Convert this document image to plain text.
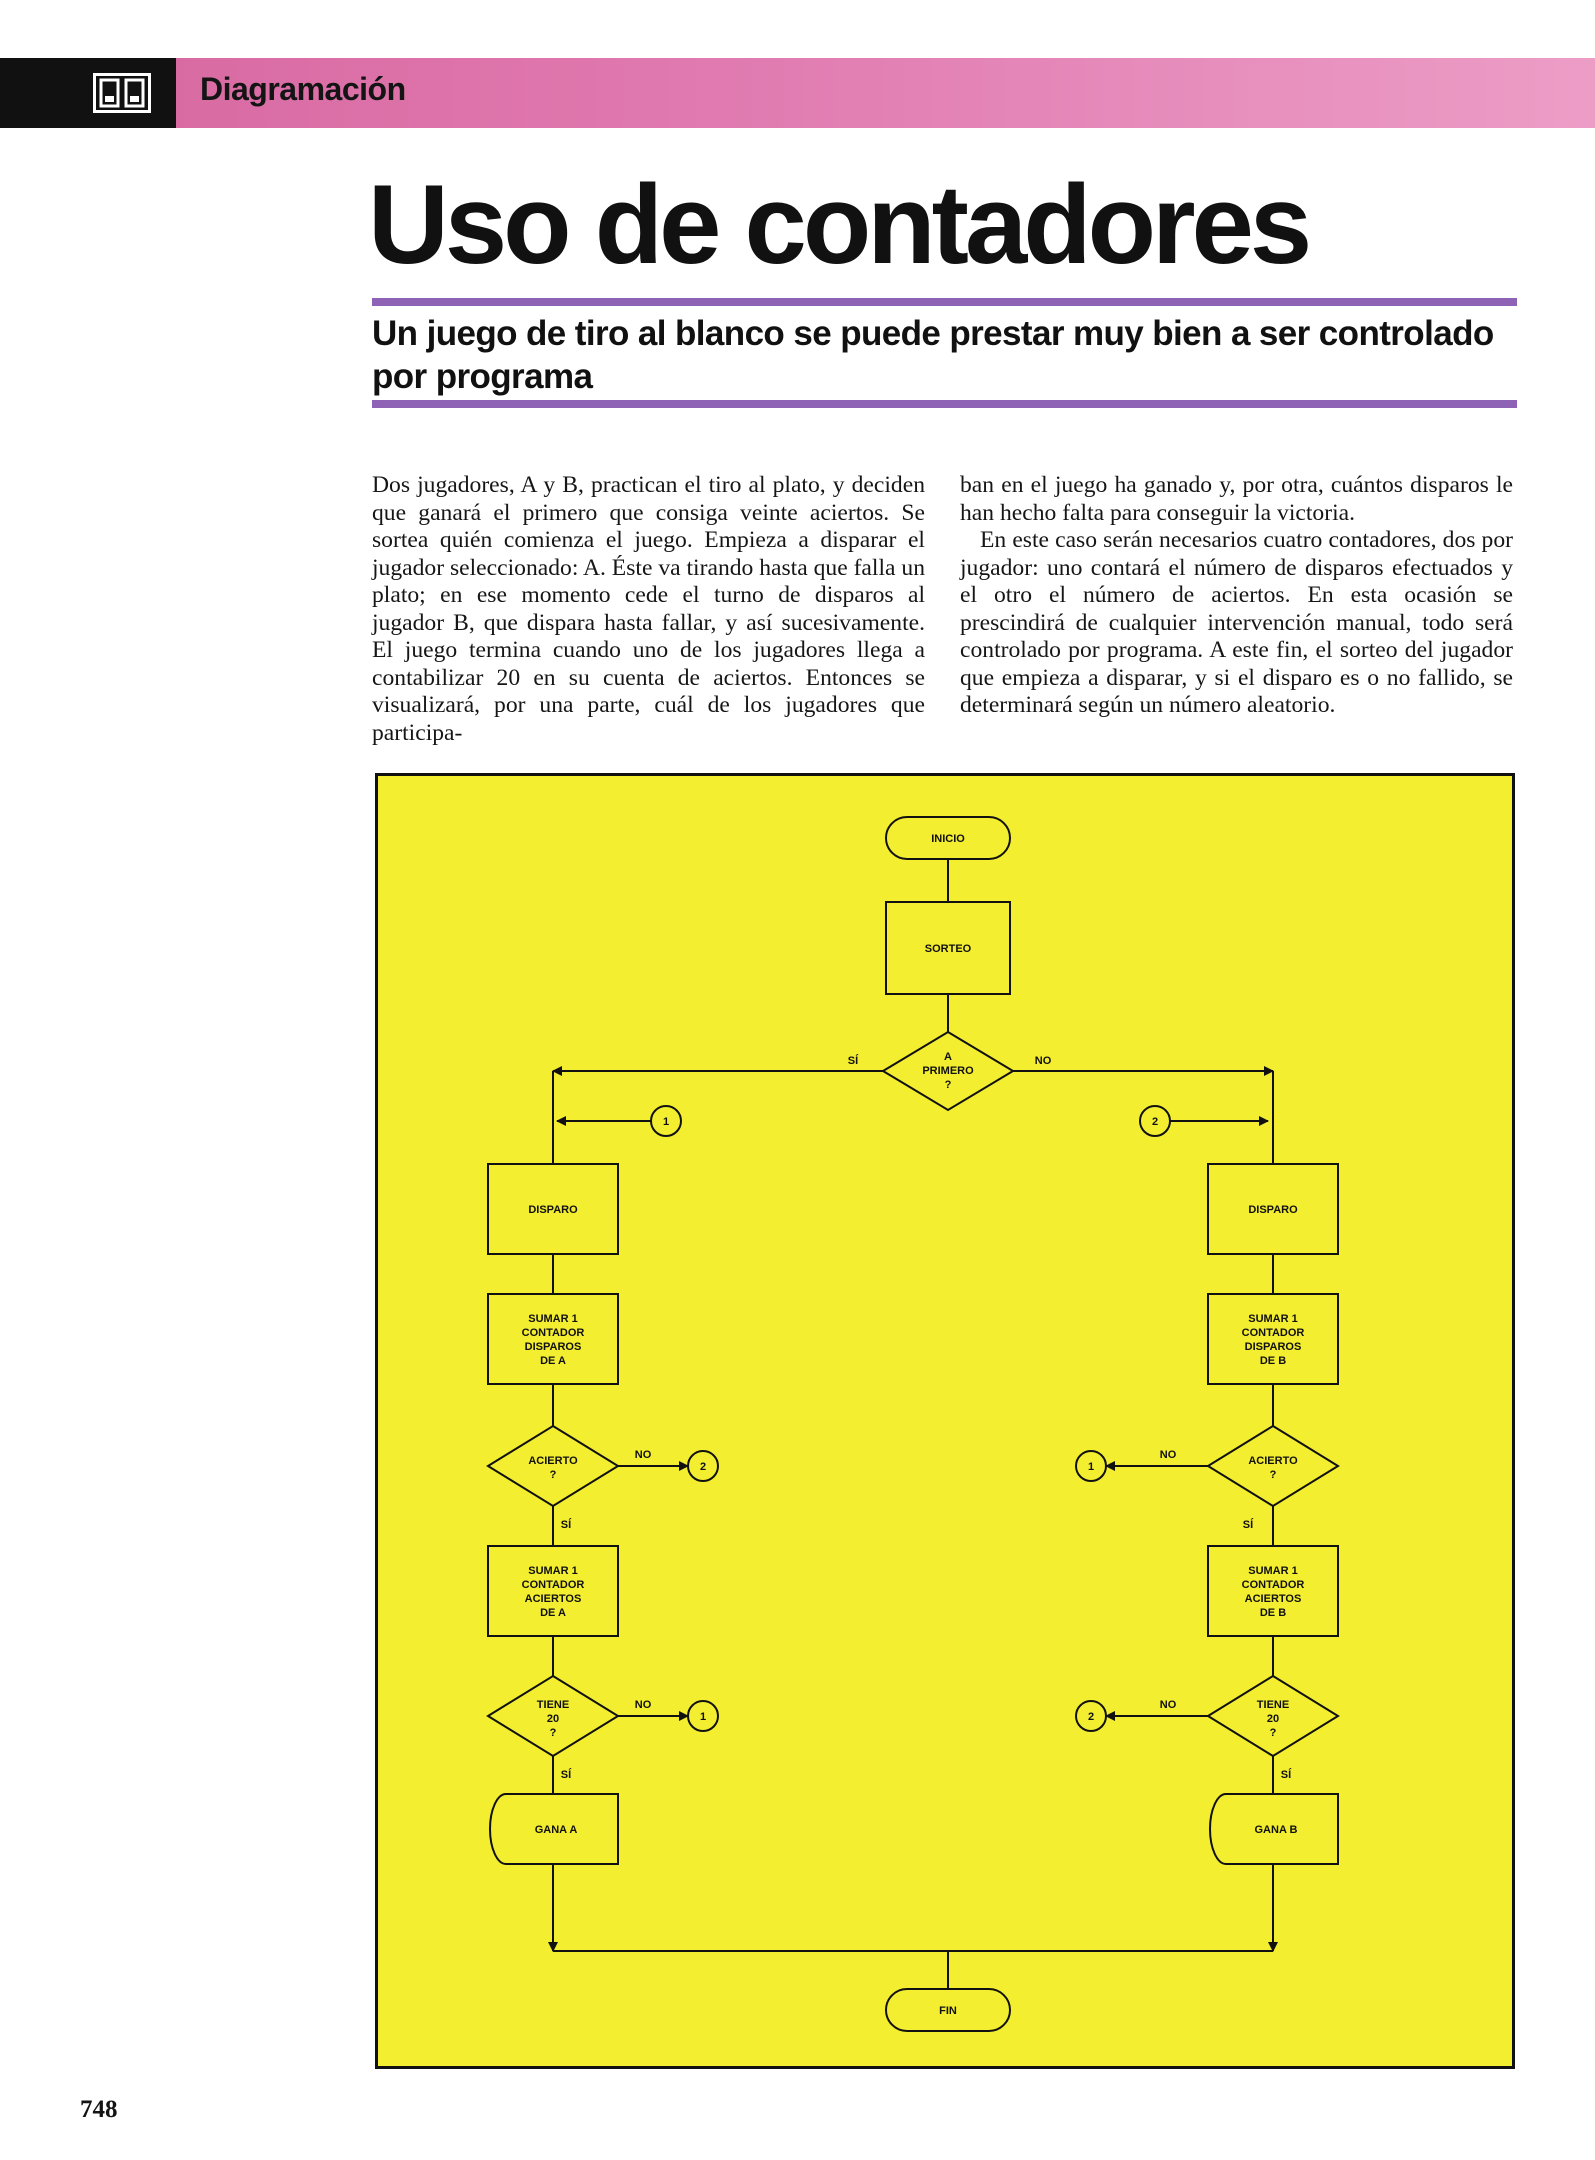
Diagramación
Uso de contadores
Un juego de tiro al blanco se puede prestar muy bien a ser controlado por programa

Dos jugadores, A y B, practican el tiro al plato, y deciden que ganará el primero que consiga veinte aciertos. Se sortea quién comienza el juego. Empieza a disparar el jugador seleccionado: A. Éste va tirando hasta que falla un plato; en ese momento cede el turno de disparos al jugador B, que dispara hasta fallar, y así sucesivamente. El juego termina cuando uno de los jugadores llega a contabilizar 20 en su cuenta de aciertos. Entonces se visualizará, por una parte, cuál de los jugadores que participa-

ban en el juego ha ganado y, por otra, cuántos disparos le han hecho falta para conseguir la victoria.

En este caso serán necesarios cuatro contadores, dos por jugador: uno contará el número de disparos efectuados y el otro el número de aciertos. En esta ocasión se prescindirá de cualquier intervención manual, todo será controlado por programa. A este fin, el sorteo del jugador que empieza a disparar, y si el disparo es o no fallido, se determinará según un número aleatorio.

INICIO
SORTEO
A
PRIMERO
?
SÍ	NO
1	2
DISPARO
SUMAR 1
CONTADOR
DISPAROS
DE A
ACIERTO
?
NO
2
SÍ
SUMAR 1
CONTADOR
ACIERTOS
DE A
TIENE
20
?
NO
1
SÍ
GANA A
DISPARO
SUMAR 1
CONTADOR
DISPAROS
DE B
ACIERTO
?
NO
1
SÍ
SUMAR 1
CONTADOR
ACIERTOS
DE B
TIENE
20
?
NO
2
SÍ
GANA B
FIN
748
